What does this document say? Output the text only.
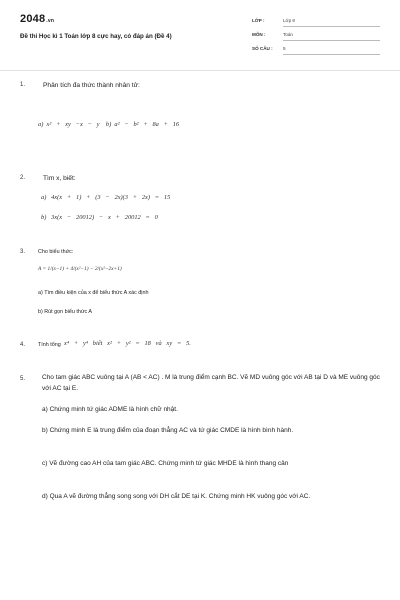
2048.vn
Đề thi Học kì 1 Toán lớp 8 cực hay, có đáp án (Đề 4)
LỚP :	Lớp 8
MÔN :	Toán
SỐ CÂU : 5
1.	Phân tích đa thức thành nhân tử:
a)  x²   +   xy   −x   −   y    b)  a²   −   b²   +   8a   +   16
2.	Tìm x, biết:
a)   4x(x   +   1)   +   (3   −   2x)(3   +   2x)   =   15
b)   3x(x   −   20012)   −   x   +   20012   =   0
3. Cho biểu thức:
A = 1/(x−1) + 4/(x²−1) − 2/(x²−2x+1)
a) Tìm điều kiện của x để biểu thức A xác định
b) Rút gọn biểu thức A
4. Tính tổng x⁴   +   y⁴   biết   x²   +   y²   =   18   và   xy   =   5.
5.	Cho tam giác ABC vuông tại A (AB < AC) . M là trung điểm cạnh BC. Vẽ MD vuông góc với AB tại D và ME vuông góc với AC tại E.
a) Chứng minh tứ giác ADME là hình chữ nhật.
b) Chứng minh E là trung điểm của đoạn thẳng AC và tứ giác CMDE là hình bình hành.
c) Vẽ đường cao AH của tam giác ABC. Chứng minh tứ giác MHDE là hình thang cân
d) Qua A vẽ đường thẳng song song với DH cắt DE tại K. Chứng minh HK vuông góc với AC.
